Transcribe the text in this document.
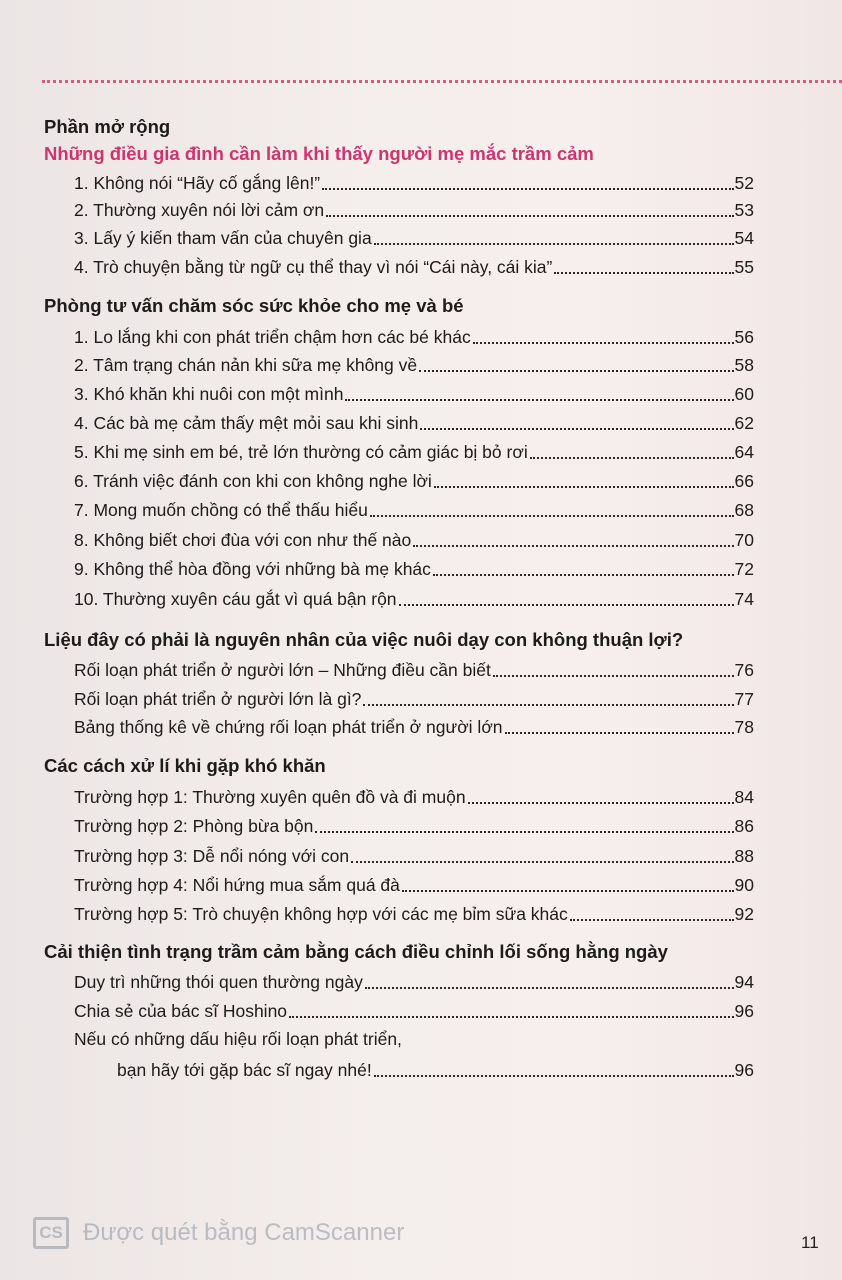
Phần mở rộng
Những điều gia đình cần làm khi thấy người mẹ mắc trầm cảm
1. Không nói “Hãy cố gắng lên!”	52
2. Thường xuyên nói lời cảm ơn	53
3. Lấy ý kiến tham vấn của chuyên gia	54
4. Trò chuyện bằng từ ngữ cụ thể thay vì nói “Cái này, cái kia”	55
Phòng tư vấn chăm sóc sức khỏe cho mẹ và bé
1. Lo lắng khi con phát triển chậm hơn các bé khác	56
2. Tâm trạng chán nản khi sữa mẹ không về	58
3. Khó khăn khi nuôi con một mình	60
4. Các bà mẹ cảm thấy mệt mỏi sau khi sinh	62
5. Khi mẹ sinh em bé, trẻ lớn thường có cảm giác bị bỏ rơi	64
6. Tránh việc đánh con khi con không nghe lời	66
7. Mong muốn chồng có thể thấu hiểu	68
8. Không biết chơi đùa với con như thế nào	70
9. Không thể hòa đồng với những bà mẹ khác	72
10. Thường xuyên cáu gắt vì quá bận rộn	74
Liệu đây có phải là nguyên nhân của việc nuôi dạy con không thuận lợi?
Rối loạn phát triển ở người lớn – Những điều cần biết	76
Rối loạn phát triển ở người lớn là gì?	77
Bảng thống kê về chứng rối loạn phát triển ở người lớn	78
Các cách xử lí khi gặp khó khăn
Trường hợp 1: Thường xuyên quên đồ và đi muộn	84
Trường hợp 2: Phòng bừa bộn	86
Trường hợp 3: Dễ nổi nóng với con	88
Trường hợp 4: Nổi hứng mua sắm quá đà	90
Trường hợp 5: Trò chuyện không hợp với các mẹ bỉm sữa khác	92
Cải thiện tình trạng trầm cảm bằng cách điều chỉnh lối sống hằng ngày
Duy trì những thói quen thường ngày	94
Chia sẻ của bác sĩ Hoshino	96
Nếu có những dấu hiệu rối loạn phát triển,
bạn hãy tới gặp bác sĩ ngay nhé!	96
CS Được quét bằng CamScanner	11
